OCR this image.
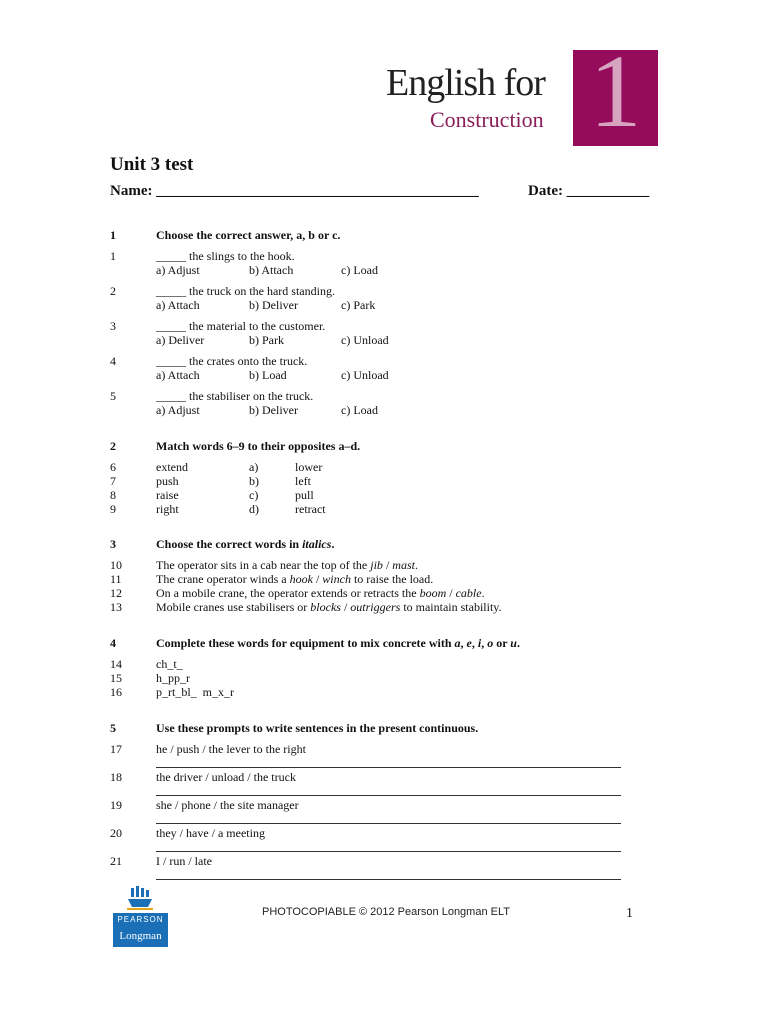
English for
Construction 1
Unit 3 test
Name: ___________________________________________	Date: ___________
1	Choose the correct answer, a, b or c.
1	_____ the slings to the hook.
a) Adjust	b) Attach	c) Load
2	_____ the truck on the hard standing.
a) Attach	b) Deliver	c) Park
3	_____ the material to the customer.
a) Deliver	b) Park	c) Unload
4	_____ the crates onto the truck.
a) Attach	b) Load	c) Unload
5	_____ the stabiliser on the truck.
a) Adjust	b) Deliver	c) Load
2	Match words 6–9 to their opposites a–d.
6	extend	a)	lower
7	push	b)	left
8	raise	c)	pull
9	right	d)	retract
3	Choose the correct words in italics.
10	The operator sits in a cab near the top of the jib / mast.
11	The crane operator winds a hook / winch to raise the load.
12	On a mobile crane, the operator extends or retracts the boom / cable.
13	Mobile cranes use stabilisers or blocks / outriggers to maintain stability.
4	Complete these words for equipment to mix concrete with a, e, i, o or u.
14	ch_t_
15	h_pp_r
16	p_rt_bl_  m_x_r
5	Use these prompts to write sentences in the present continuous.
17	he / push / the lever to the right
18	the driver / unload / the truck
19	she / phone / the site manager
20	they / have / a meeting
21	I / run / late
PEARSON
Longman
PHOTOCOPIABLE © 2012 Pearson Longman ELT	1
